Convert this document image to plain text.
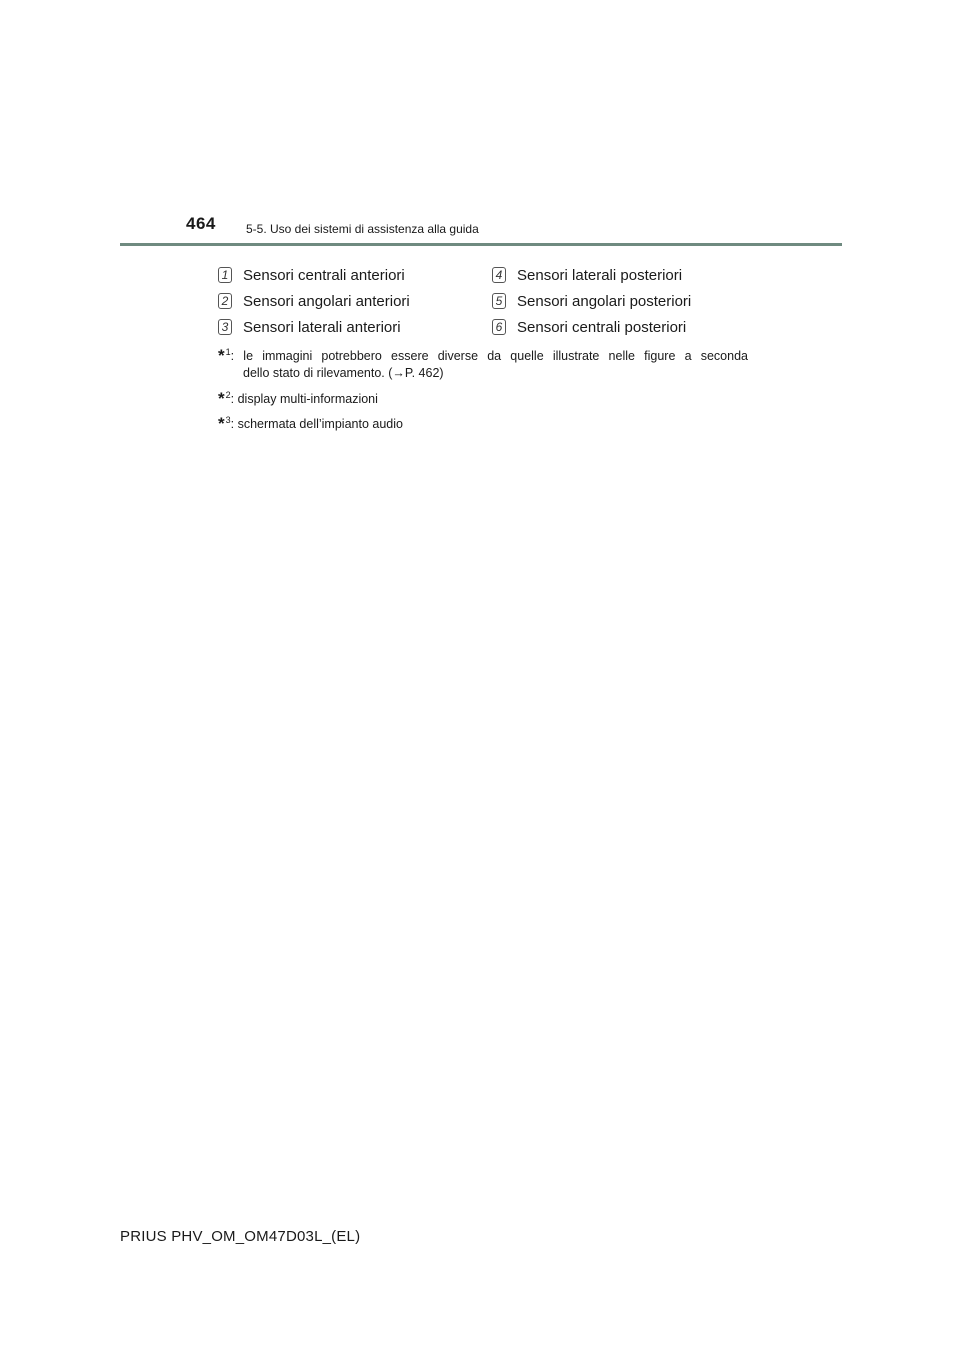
464	5-5. Uso dei sistemi di assistenza alla guida
1 Sensori centrali anteriori
2 Sensori angolari anteriori
3 Sensori laterali anteriori
4 Sensori laterali posteriori
5 Sensori angolari posteriori
6 Sensori centrali posteriori
*$^1$: le immagini potrebbero essere diverse da quelle illustrate nelle figure a seconda
dello stato di rilevamento. (→P. 462)
*$^2$: display multi-informazioni
*$^3$: schermata dell’impianto audio
PRIUS PHV_OM_OM47D03L_(EL)
